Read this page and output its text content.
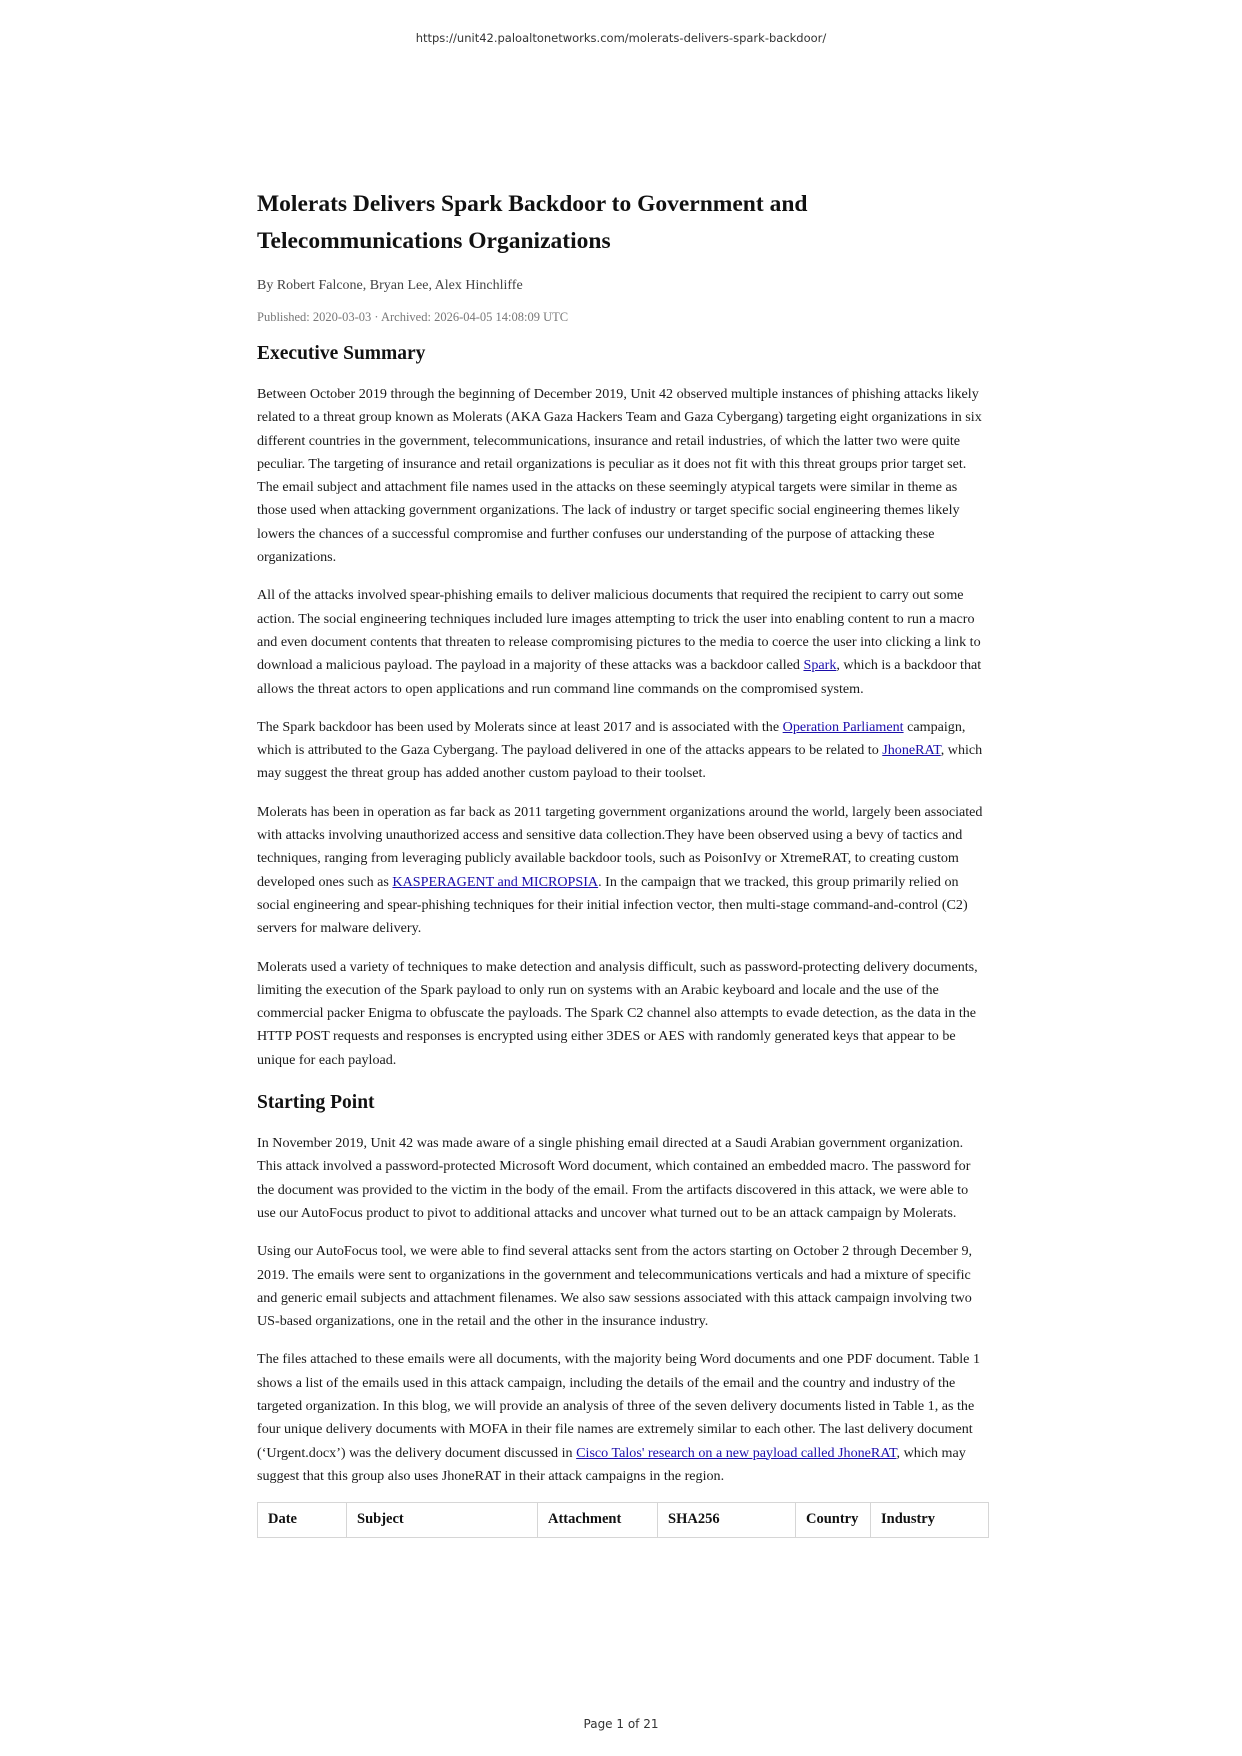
https://unit42.paloaltonetworks.com/molerats-delivers-spark-backdoor/
Molerats Delivers Spark Backdoor to Government and Telecommunications Organizations
By Robert Falcone, Bryan Lee, Alex Hinchliffe
Published: 2020-03-03 · Archived: 2026-04-05 14:08:09 UTC
Executive Summary

Between October 2019 through the beginning of December 2019, Unit 42 observed multiple instances of phishing attacks likely related to a threat group known as Molerats (AKA Gaza Hackers Team and Gaza Cybergang) targeting eight organizations in six different countries in the government, telecommunications, insurance and retail industries, of which the latter two were quite peculiar. The targeting of insurance and retail organizations is peculiar as it does not fit with this threat groups prior target set. The email subject and attachment file names used in the attacks on these seemingly atypical targets were similar in theme as those used when attacking government organizations. The lack of industry or target specific social engineering themes likely lowers the chances of a successful compromise and further confuses our understanding of the purpose of attacking these organizations.

All of the attacks involved spear-phishing emails to deliver malicious documents that required the recipient to carry out some action. The social engineering techniques included lure images attempting to trick the user into enabling content to run a macro and even document contents that threaten to release compromising pictures to the media to coerce the user into clicking a link to download a malicious payload. The payload in a majority of these attacks was a backdoor called Spark, which is a backdoor that allows the threat actors to open applications and run command line commands on the compromised system.

The Spark backdoor has been used by Molerats since at least 2017 and is associated with the Operation Parliament campaign, which is attributed to the Gaza Cybergang. The payload delivered in one of the attacks appears to be related to JhoneRAT, which may suggest the threat group has added another custom payload to their toolset.

Molerats has been in operation as far back as 2011 targeting government organizations around the world, largely been associated with attacks involving unauthorized access and sensitive data collection.They have been observed using a bevy of tactics and techniques, ranging from leveraging publicly available backdoor tools, such as PoisonIvy or XtremeRAT, to creating custom developed ones such as KASPERAGENT and MICROPSIA. In the campaign that we tracked, this group primarily relied on social engineering and spear-phishing techniques for their initial infection vector, then multi-stage command-and-control (C2) servers for malware delivery.

Molerats used a variety of techniques to make detection and analysis difficult, such as password-protecting delivery documents, limiting the execution of the Spark payload to only run on systems with an Arabic keyboard and locale and the use of the commercial packer Enigma to obfuscate the payloads. The Spark C2 channel also attempts to evade detection, as the data in the HTTP POST requests and responses is encrypted using either 3DES or AES with randomly generated keys that appear to be unique for each payload.

Starting Point

In November 2019, Unit 42 was made aware of a single phishing email directed at a Saudi Arabian government organization. This attack involved a password-protected Microsoft Word document, which contained an embedded macro. The password for the document was provided to the victim in the body of the email. From the artifacts discovered in this attack, we were able to use our AutoFocus product to pivot to additional attacks and uncover what turned out to be an attack campaign by Molerats.

Using our AutoFocus tool, we were able to find several attacks sent from the actors starting on October 2 through December 9, 2019. The emails were sent to organizations in the government and telecommunications verticals and had a mixture of specific and generic email subjects and attachment filenames. We also saw sessions associated with this attack campaign involving two US-based organizations, one in the retail and the other in the insurance industry.

The files attached to these emails were all documents, with the majority being Word documents and one PDF document. Table 1 shows a list of the emails used in this attack campaign, including the details of the email and the country and industry of the targeted organization. In this blog, we will provide an analysis of three of the seven delivery documents listed in Table 1, as the four unique delivery documents with MOFA in their file names are extremely similar to each other. The last delivery document (‘Urgent.docx’) was the delivery document discussed in Cisco Talos' research on a new payload called JhoneRAT, which may suggest that this group also uses JhoneRAT in their attack campaigns in the region.

Date	Subject	Attachment	SHA256	Country	Industry
Page 1 of 21
